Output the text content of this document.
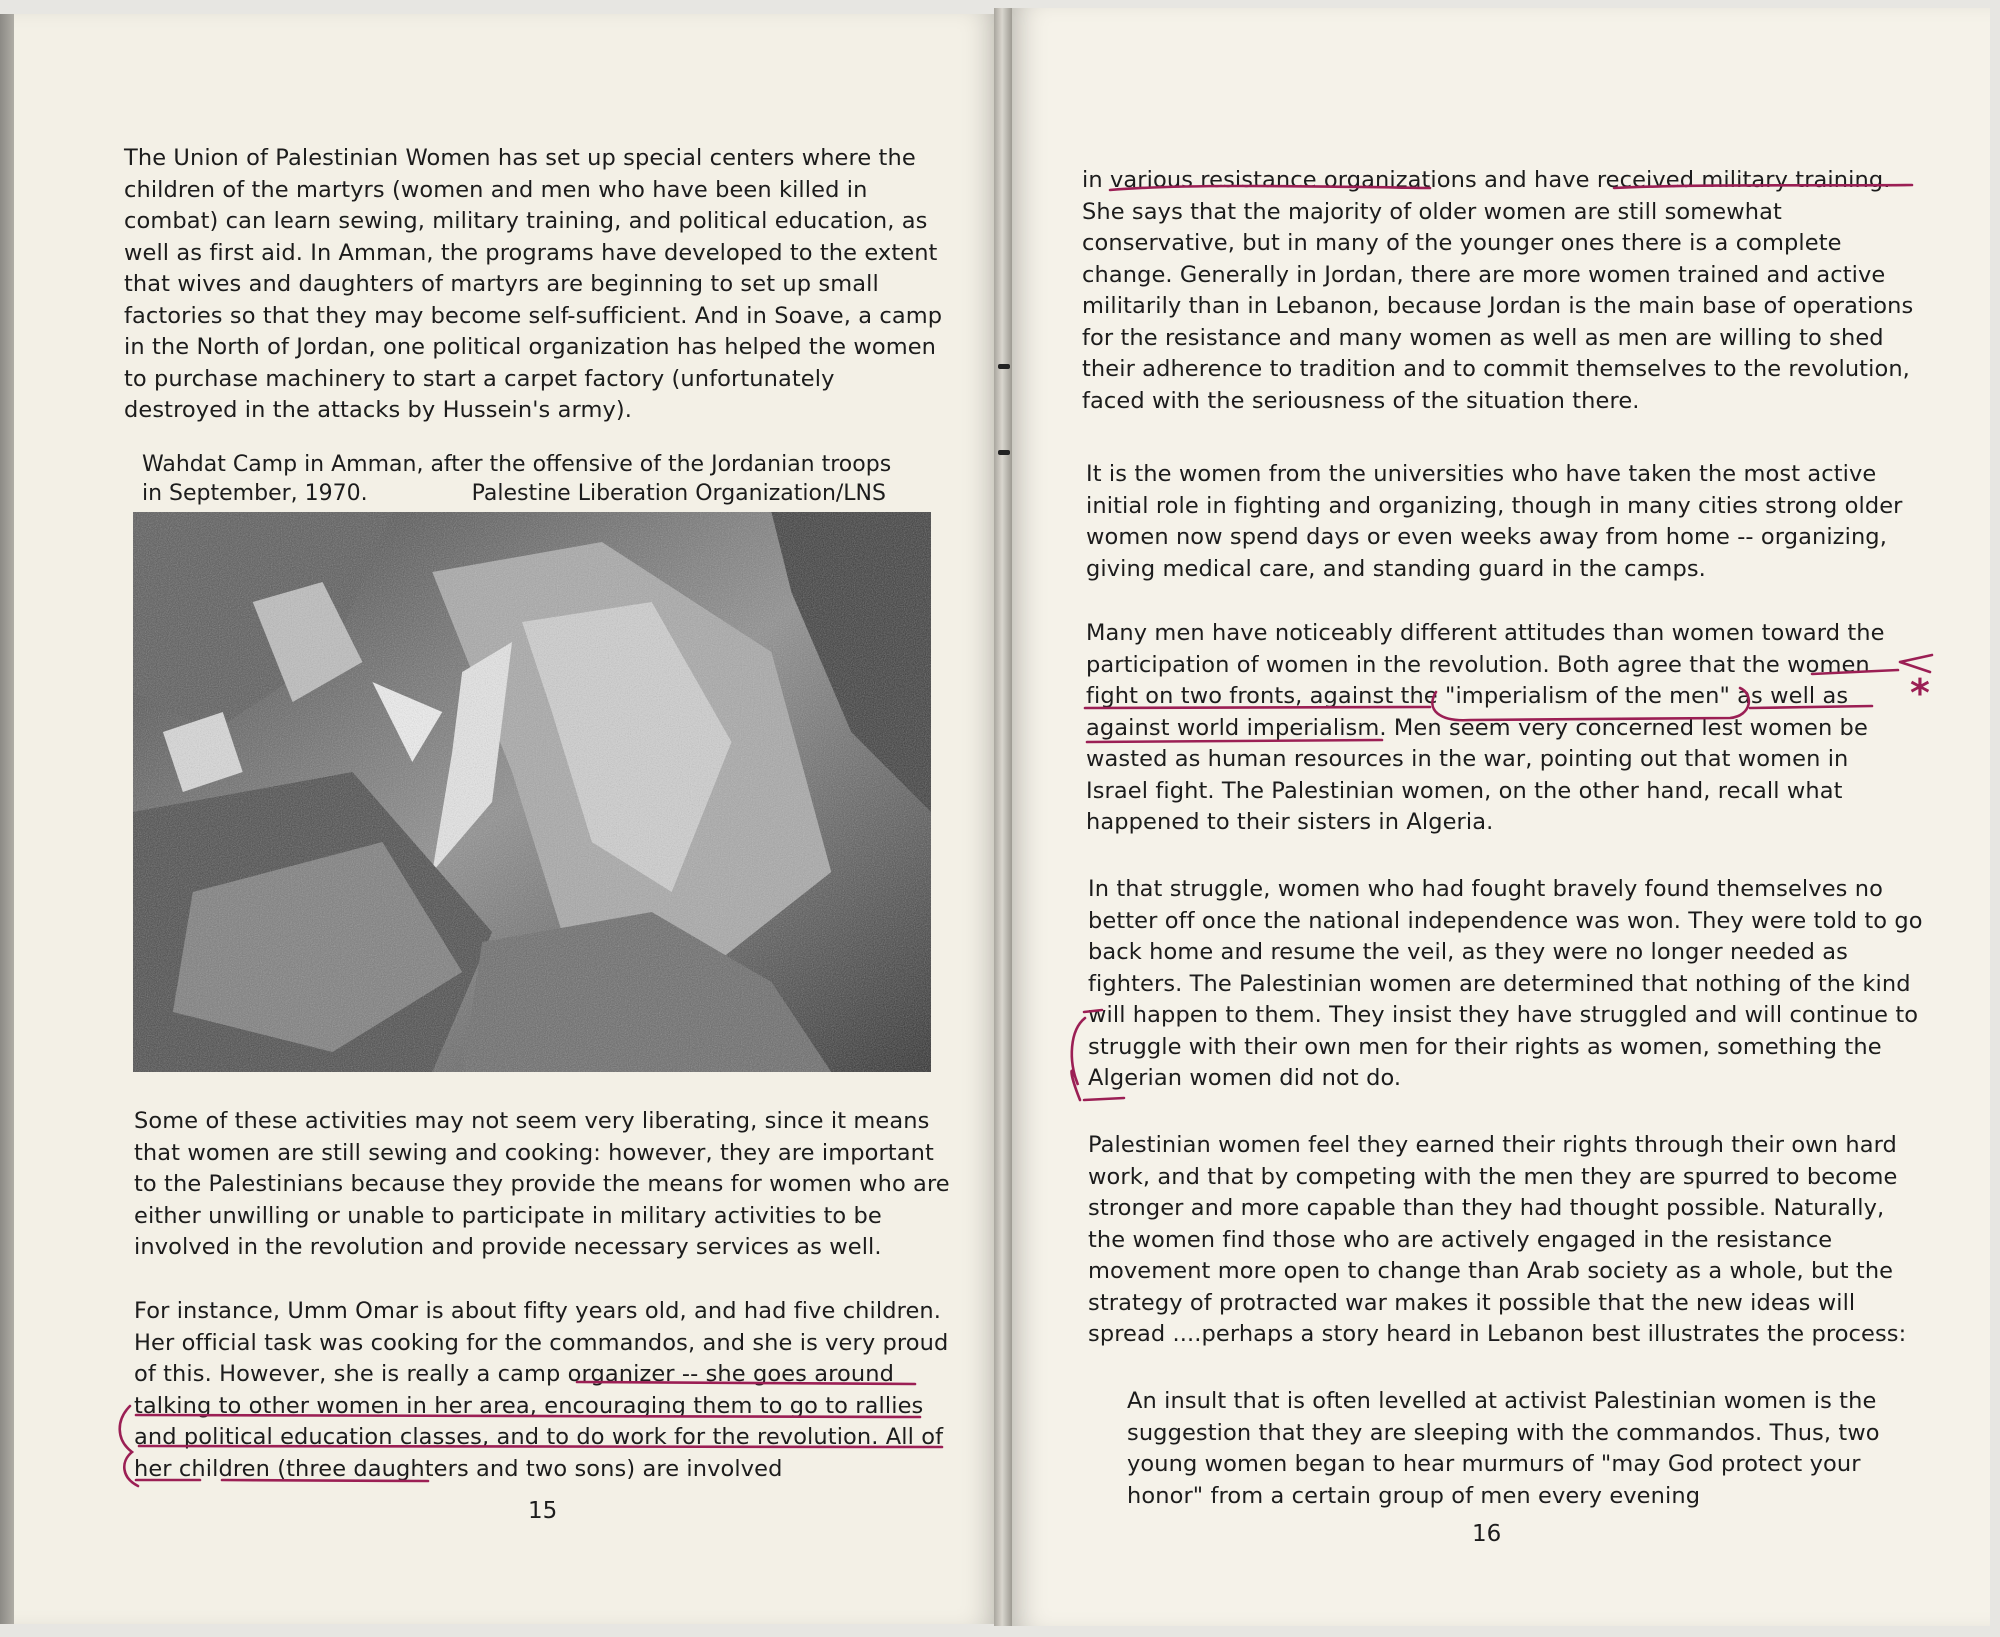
The Union of Palestinian Women has set up special centers where the children of the martyrs (women and men who have been killed in combat) can learn sewing, military training, and political education, as well as first aid. In Amman, the programs have developed to the extent that wives and daughters of martyrs are beginning to set up small factories so that they may become self-sufficient. And in Soave, a camp in the North of Jordan, one political organization has helped the women to purchase machinery to start a carpet factory (unfortunately destroyed in the attacks by Hussein's army).

Wahdat Camp in Amman, after the offensive of the Jordanian troops
in September, 1970.	Palestine Liberation Organization/LNS

Some of these activities may not seem very liberating, since it means that women are still sewing and cooking: however, they are important to the Palestinians because they provide the means for women who are either unwilling or unable to participate in military activities to be involved in the revolution and provide necessary services as well.

For instance, Umm Omar is about fifty years old, and had five children. Her official task was cooking for the commandos, and she is very proud of this. However, she is really a camp organizer -- she goes around talking to other women in her area, encouraging them to go to rallies and political education classes, and to do work for the revolution. All of her children (three daughters and two sons) are involved

15

in various resistance organizations and have received military training. She says that the majority of older women are still somewhat conservative, but in many of the younger ones there is a complete change. Generally in Jordan, there are more women trained and active militarily than in Lebanon, because Jordan is the main base of operations for the resistance and many women as well as men are willing to shed their adherence to tradition and to commit themselves to the revolution, faced with the seriousness of the situation there.

It is the women from the universities who have taken the most active initial role in fighting and organizing, though in many cities strong older women now spend days or even weeks away from home -- organizing, giving medical care, and standing guard in the camps.

Many men have noticeably different attitudes than women toward the participation of women in the revolution. Both agree that the women fight on two fronts, against the "imperialism of the men" as well as against world imperialism. Men seem very concerned lest women be wasted as human resources in the war, pointing out that women in Israel fight. The Palestinian women, on the other hand, recall what happened to their sisters in Algeria.

In that struggle, women who had fought bravely found themselves no better off once the national independence was won. They were told to go back home and resume the veil, as they were no longer needed as fighters. The Palestinian women are determined that nothing of the kind will happen to them. They insist they have struggled and will continue to struggle with their own men for their rights as women, something the Algerian women did not do.

Palestinian women feel they earned their rights through their own hard work, and that by competing with the men they are spurred to become stronger and more capable than they had thought possible. Naturally, the women find those who are actively engaged in the resistance movement more open to change than Arab society as a whole, but the strategy of protracted war makes it possible that the new ideas will spread ....perhaps a story heard in Lebanon best illustrates the process:

An insult that is often levelled at activist Palestinian women is the suggestion that they are sleeping with the commandos. Thus, two young women began to hear murmurs of "may God protect your honor" from a certain group of men every evening

16
*
